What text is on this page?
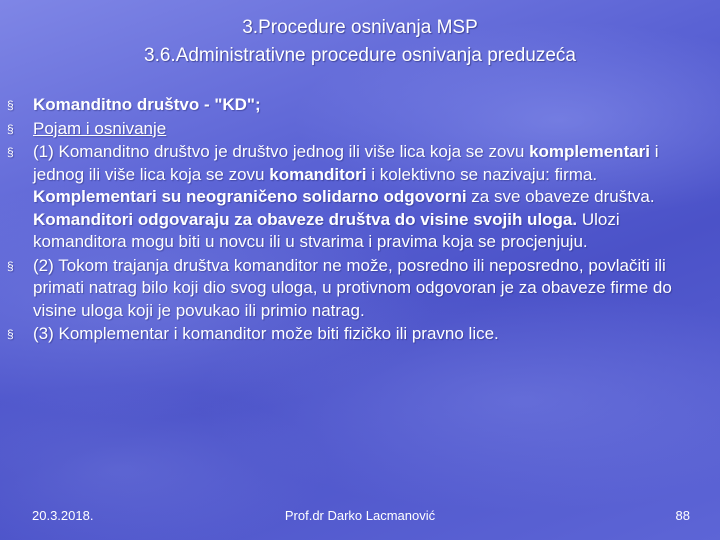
3.Procedure osnivanja MSP
3.6.Administrativne procedure osnivanja preduzeća
§ Komanditno društvo - "KD";
§ Pojam i osnivanje
§ (1) Komanditno društvo je društvo jednog ili više lica koja se zovu komplementari i jednog ili više lica koja se zovu komanditori i kolektivno se nazivaju: firma. Komplementari su neograničeno solidarno odgovorni za sve obaveze društva. Komanditori odgovaraju za obaveze društva do visine svojih uloga. Ulozi komanditora mogu biti u novcu ili u stvarima i pravima koja se procjenjuju.
§ (2) Tokom trajanja društva komanditor ne može, posredno ili neposredno, povlačiti ili primati natrag bilo koji dio svog uloga, u protivnom odgovoran je za obaveze firme do visine uloga koji je povukao ili primio natrag.
§ (3) Komplementar i komanditor može biti fizičko ili pravno lice.
Prof.dr Darko Lacmanović
20.3.2018.	88
